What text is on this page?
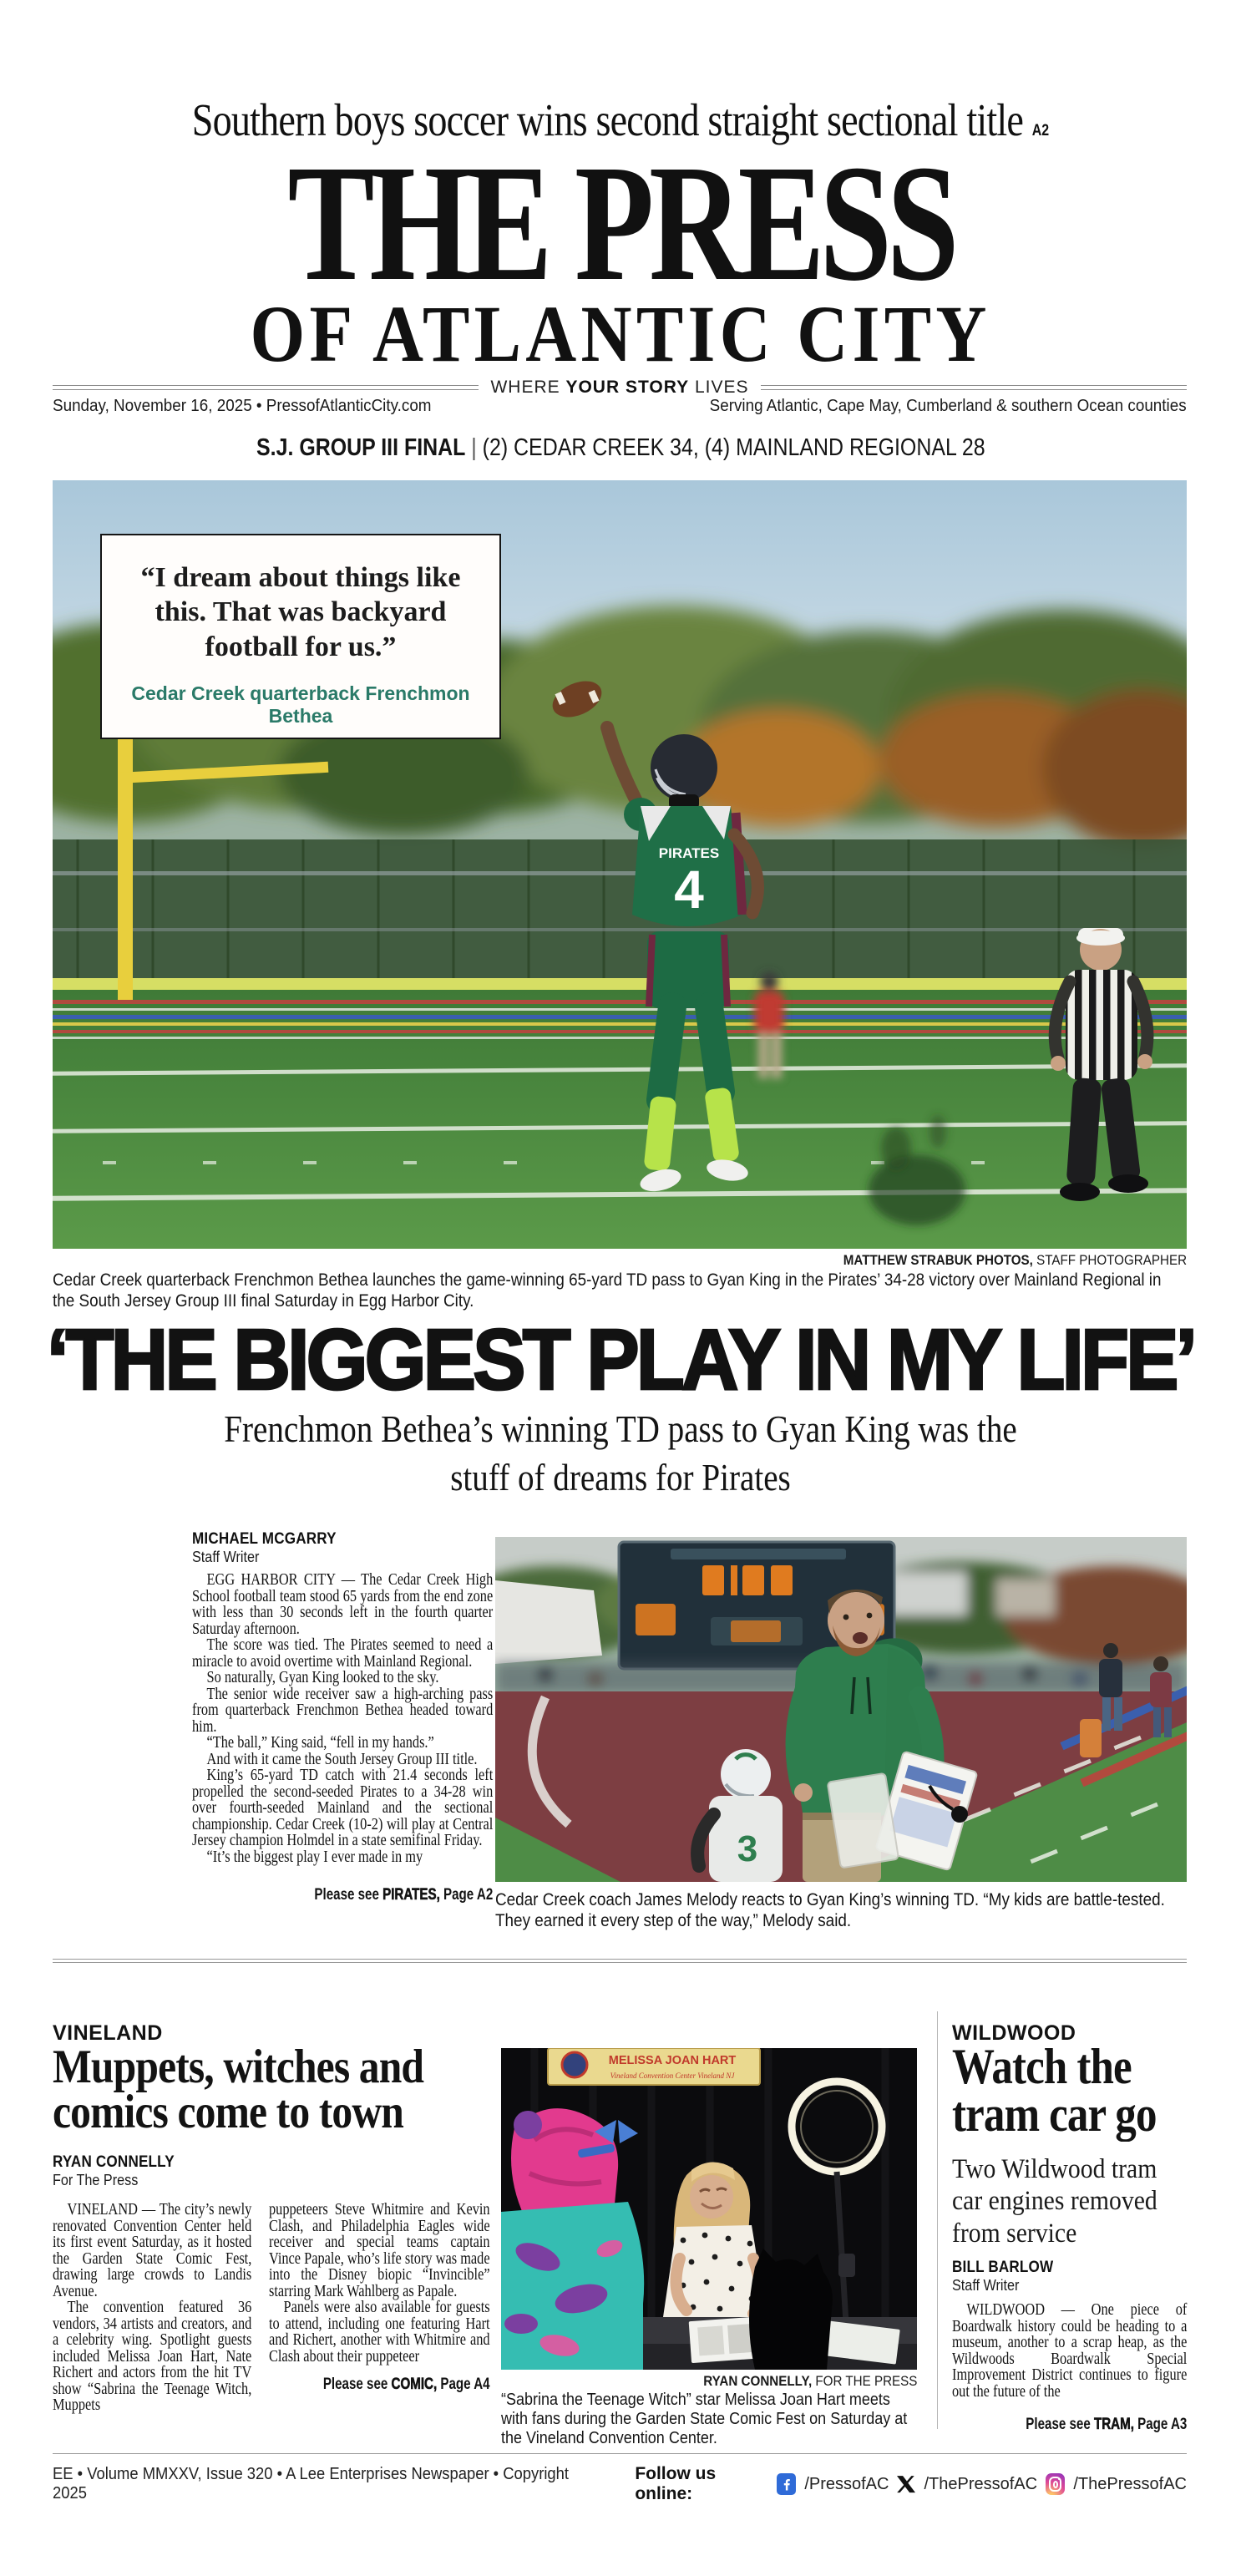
Southern boys soccer wins second straight sectional title A2
THE PRESS
OF ATLANTIC CITY
WHERE YOUR STORY LIVES
Sunday, November 16, 2025 • PressofAtlanticCity.com	Serving Atlantic, Cape May, Cumberland & southern Ocean counties
S.J. GROUP III FINAL | (2) CEDAR CREEK 34, (4) MAINLAND REGIONAL 28
PIRATES
4
“I dream about things like this. That was backyard football for us.”
Cedar Creek quarterback Frenchmon Bethea
MATTHEW STRABUK PHOTOS, STAFF PHOTOGRAPHER
Cedar Creek quarterback Frenchmon Bethea launches the game-winning 65-yard TD pass to Gyan King in the Pirates’ 34-28 victory over Mainland Regional in the South Jersey Group III final Saturday in Egg Harbor City.
‘THE BIGGEST PLAY IN MY LIFE’
Frenchmon Bethea’s winning TD pass to Gyan King was the stuff of dreams for Pirates
MICHAEL MCGARRY
Staff Writer

EGG HARBOR CITY — The Cedar Creek High School football team stood 65 yards from the end zone with less than 30 seconds left in the fourth quarter Saturday afternoon.

The score was tied. The Pirates seemed to need a miracle to avoid overtime with Mainland Regional.

So naturally, Gyan King looked to the sky.

The senior wide receiver saw a high-arching pass from quarterback Frenchmon Bethea headed toward him.

“The ball,” King said, “fell in my hands.”

And with it came the South Jersey Group III title.

King’s 65-yard TD catch with 21.4 seconds left propelled the second-seeded Pirates to a 34-28 win over fourth-seeded Mainland and the sectional championship. Cedar Creek (10-2) will play at Central Jersey champion Holmdel in a state semifinal Friday.

“It’s the biggest play I ever made in my

Please see PIRATES, Page A2
3
Cedar Creek coach James Melody reacts to Gyan King’s winning TD. “My kids are battle-tested. They earned it every step of the way,” Melody said.
VINELAND
Muppets, witches and comics come to town
RYAN CONNELLY
For The Press

VINELAND — The city’s newly renovated Convention Center held its first event Saturday, as it hosted the Garden State Comic Fest, drawing large crowds to Landis Avenue.

The convention featured 36 vendors, 34 artists and creators, and a celebrity wing. Spotlight guests included Melissa Joan Hart, Nate Richert and actors from the hit TV show “Sabrina the Teenage Witch, Muppets

puppeteers Steve Whitmire and Kevin Clash, and Philadelphia Eagles wide receiver and special teams captain Vince Papale, who’s life story was made into the Disney biopic “Invincible” starring Mark Wahlberg as Papale.

Panels were also available for guests to attend, including one featuring Hart and Richert, another with Whitmire and Clash about their puppeteer

Please see COMIC, Page A4
MELISSA JOAN HART
Vineland Convention Center Vineland NJ
RYAN CONNELLY, FOR THE PRESS
“Sabrina the Teenage Witch” star Melissa Joan Hart meets with fans during the Garden State Comic Fest on Saturday at the Vineland Convention Center.
WILDWOOD
Watch the tram car go
Two Wildwood tram car engines removed from service
BILL BARLOW
Staff Writer

WILDWOOD — One piece of Boardwalk history could be heading to a museum, another to a scrap heap, as the Wildwoods Boardwalk Special Improvement District continues to figure out the future of the

Please see TRAM, Page A3
EE • Volume MMXXV, Issue 320 • A Lee Enterprises Newspaper • Copyright 2025
Follow us online:
/PressofAC /ThePressofAC /ThePressofAC
